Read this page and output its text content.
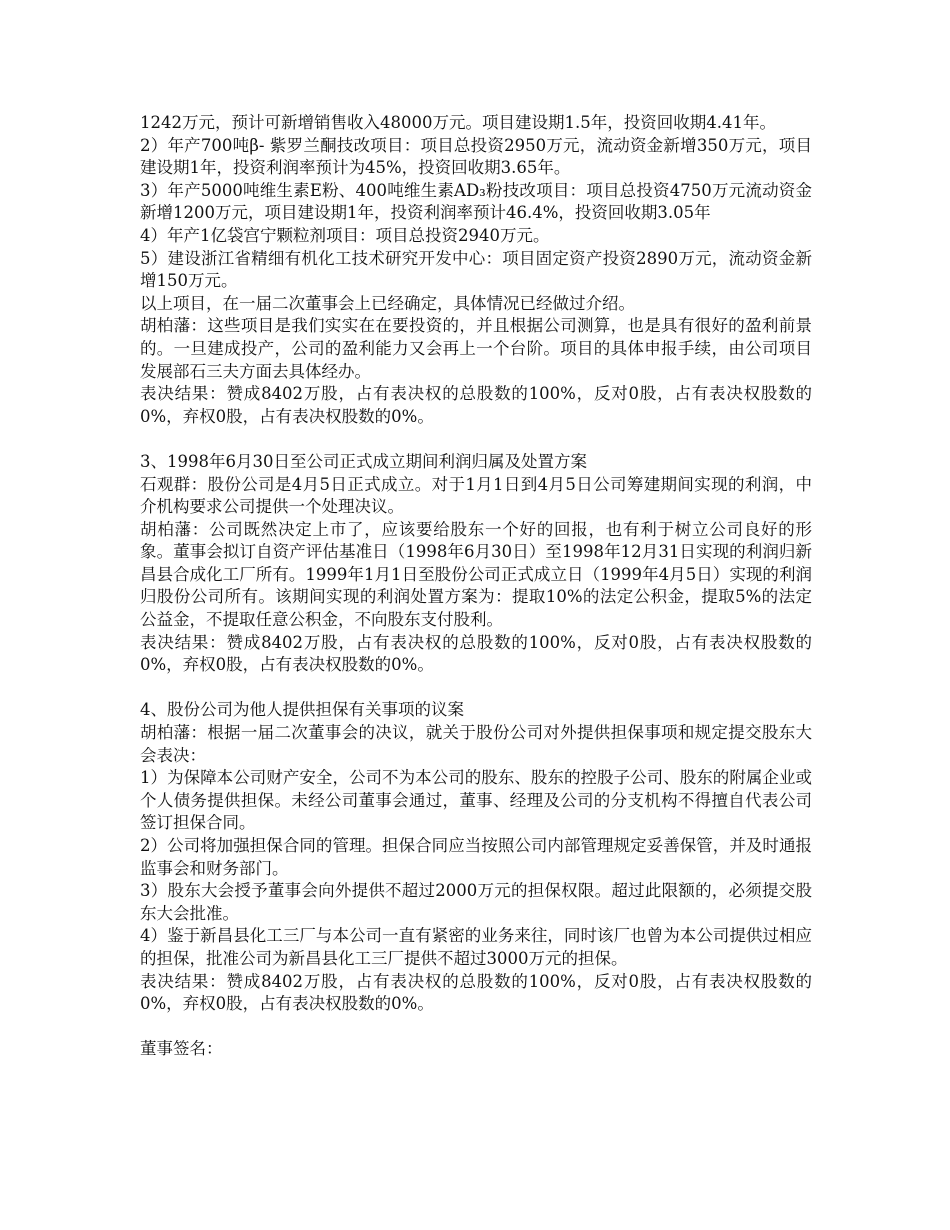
1242万元，预计可新增销售收入48000万元。项目建设期1.5年，投资回收期4.41年。

2）年产700吨β- 紫罗兰酮技改项目：项目总投资2950万元，流动资金新增350万元，项目建设期1年，投资利润率预计为45%，投资回收期3.65年。

3）年产5000吨维生素E粉、400吨维生素AD₃粉技改项目：项目总投资4750万元流动资金新增1200万元，项目建设期1年，投资利润率预计46.4%，投资回收期3.05年

4）年产1亿袋宫宁颗粒剂项目：项目总投资2940万元。

5）建设浙江省精细有机化工技术研究开发中心：项目固定资产投资2890万元，流动资金新增150万元。

以上项目，在一届二次董事会上已经确定，具体情况已经做过介绍。

胡柏藩：这些项目是我们实实在在要投资的，并且根据公司测算，也是具有很好的盈利前景的。一旦建成投产，公司的盈利能力又会再上一个台阶。项目的具体申报手续，由公司项目发展部石三夫方面去具体经办。

表决结果：赞成8402万股，占有表决权的总股数的100%，反对0股，占有表决权股数的0%，弃权0股，占有表决权股数的0%。

3、1998年6月30日至公司正式成立期间利润归属及处置方案

石观群：股份公司是4月5日正式成立。对于1月1日到4月5日公司筹建期间实现的利润，中介机构要求公司提供一个处理决议。

胡柏藩：公司既然决定上市了，应该要给股东一个好的回报，也有利于树立公司良好的形象。董事会拟订自资产评估基准日（1998年6月30日）至1998年12月31日实现的利润归新昌县合成化工厂所有。1999年1月1日至股份公司正式成立日（1999年4月5日）实现的利润归股份公司所有。该期间实现的利润处置方案为：提取10%的法定公积金，提取5%的法定公益金，不提取任意公积金，不向股东支付股利。

表决结果：赞成8402万股，占有表决权的总股数的100%，反对0股，占有表决权股数的0%，弃权0股，占有表决权股数的0%。

4、股份公司为他人提供担保有关事项的议案

胡柏藩：根据一届二次董事会的决议，就关于股份公司对外提供担保事项和规定提交股东大会表决：

1）为保障本公司财产安全，公司不为本公司的股东、股东的控股子公司、股东的附属企业或个人债务提供担保。未经公司董事会通过，董事、经理及公司的分支机构不得擅自代表公司签订担保合同。

2）公司将加强担保合同的管理。担保合同应当按照公司内部管理规定妥善保管，并及时通报监事会和财务部门。

3）股东大会授予董事会向外提供不超过2000万元的担保权限。超过此限额的，必须提交股东大会批准。

4）鉴于新昌县化工三厂与本公司一直有紧密的业务来往，同时该厂也曾为本公司提供过相应的担保，批准公司为新昌县化工三厂提供不超过3000万元的担保。

表决结果：赞成8402万股，占有表决权的总股数的100%，反对0股，占有表决权股数的0%，弃权0股，占有表决权股数的0%。

董事签名：
